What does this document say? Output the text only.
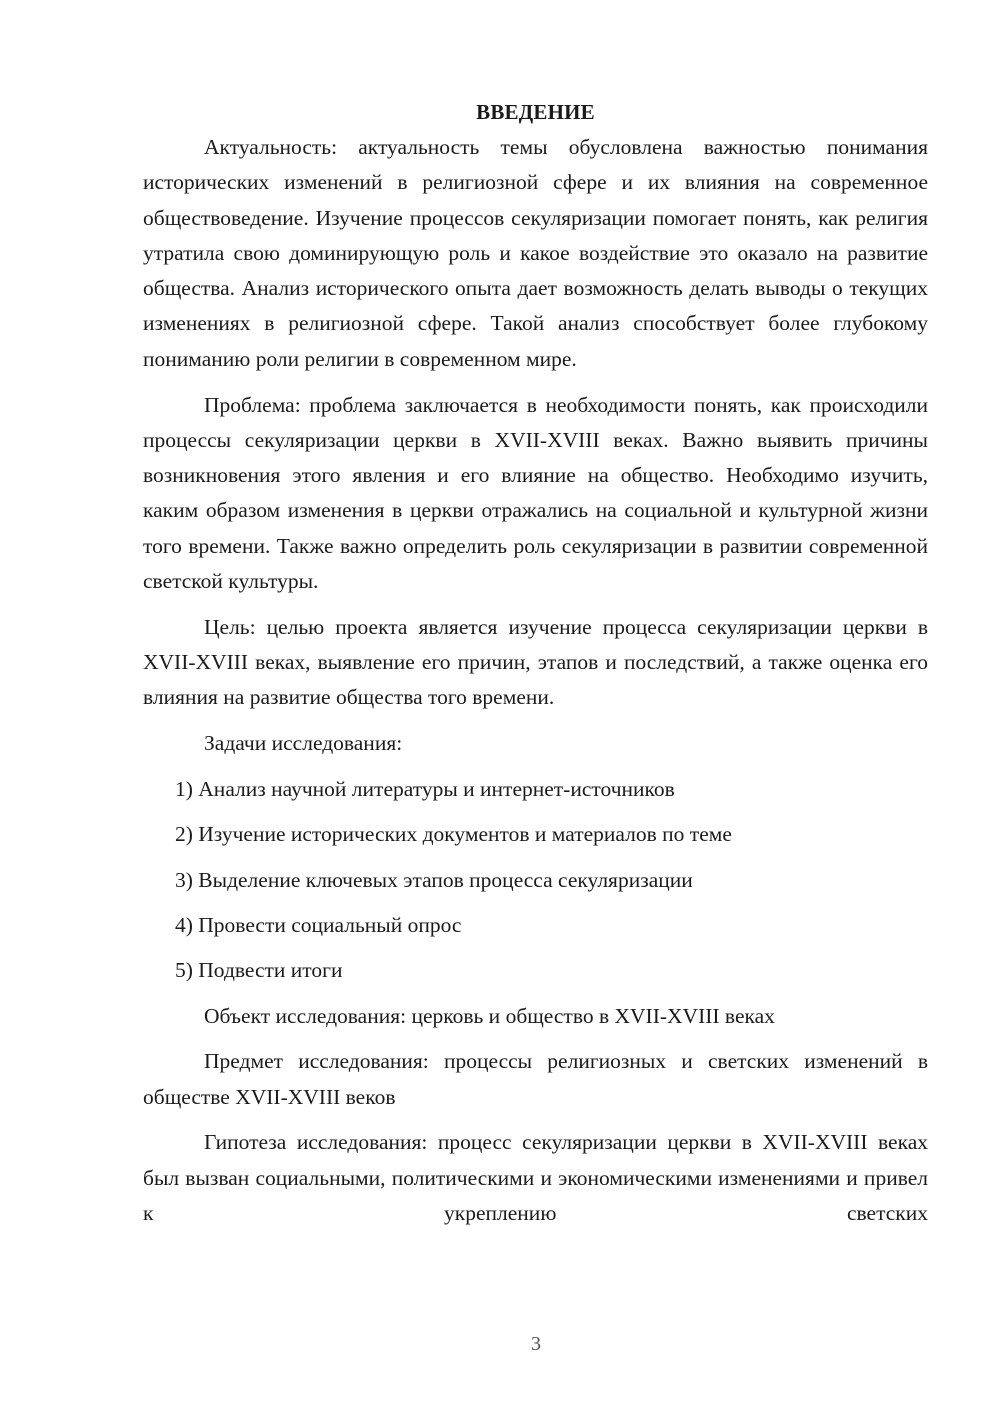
ВВЕДЕНИЕ

Актуальность: актуальность темы обусловлена важностью понимания исторических изменений в религиозной сфере и их влияния на современное обществоведение. Изучение процессов секуляризации помогает понять, как религия утратила свою доминирующую роль и какое воздействие это оказало на развитие общества. Анализ исторического опыта дает возможность делать выводы о текущих изменениях в религиозной сфере. Такой анализ способствует более глубокому пониманию роли религии в современном мире.

Проблема: проблема заключается в необходимости понять, как происходили процессы секуляризации церкви в XVII-XVIII веках. Важно выявить причины возникновения этого явления и его влияние на общество. Необходимо изучить, каким образом изменения в церкви отражались на социальной и культурной жизни того времени. Также важно определить роль секуляризации в развитии современной светской культуры.

Цель: целью проекта является изучение процесса секуляризации церкви в XVII-XVIII веках, выявление его причин, этапов и последствий, а также оценка его влияния на развитие общества того времени.

Задачи исследования:

1) Анализ научной литературы и интернет-источников
2) Изучение исторических документов и материалов по теме
3) Выделение ключевых этапов процесса секуляризации
4) Провести социальный опрос
5) Подвести итоги

Объект исследования: церковь и общество в XVII-XVIII веках

Предмет исследования: процессы религиозных и светских изменений в обществе XVII-XVIII веков

Гипотеза исследования: процесс секуляризации церкви в XVII-XVIII веках был вызван социальными, политическими и экономическими изменениями и привел к укреплению светских

3
